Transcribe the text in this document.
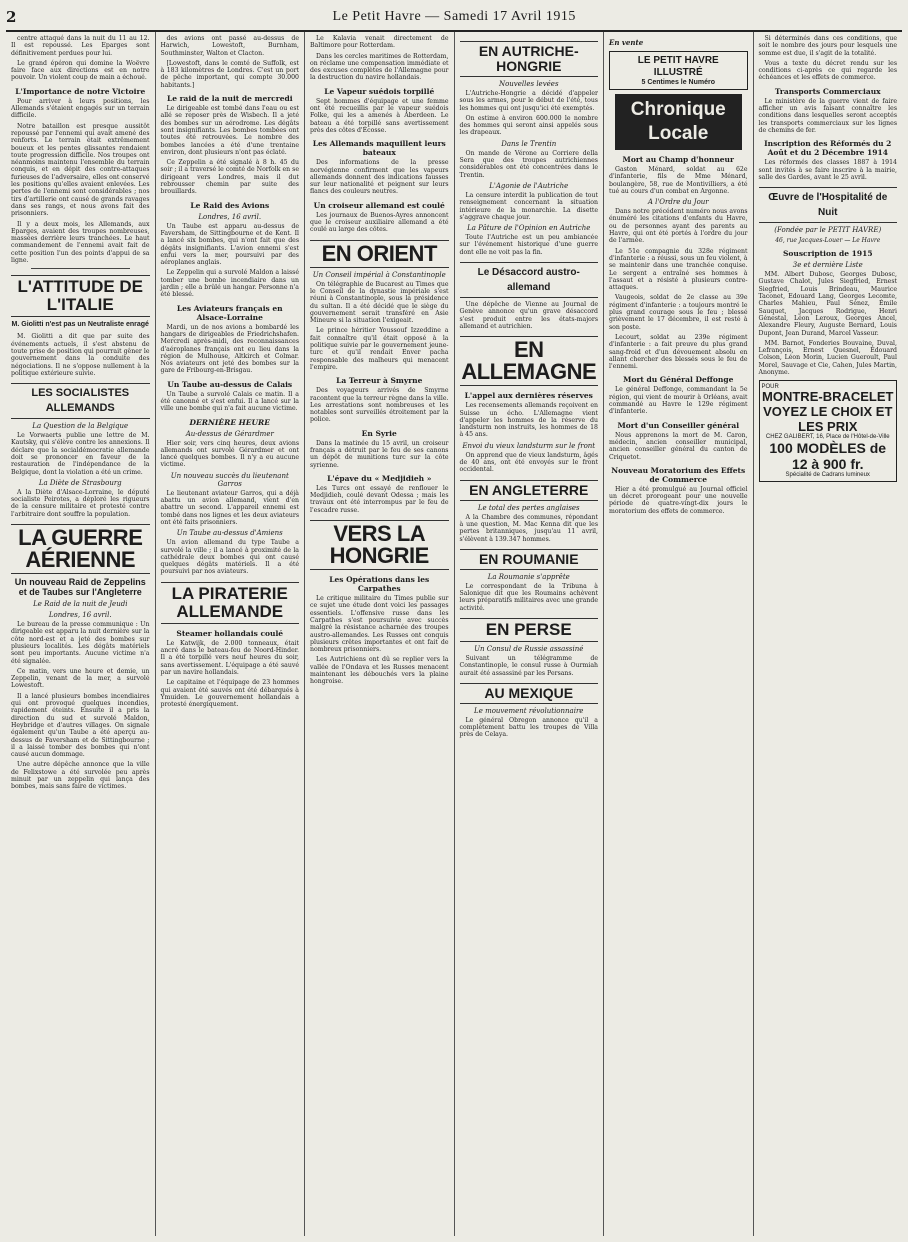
2	Le Petit Havre — Samedi 17 Avril 1915

centre attaqué dans la nuit du 11 au 12. Il est repoussé. Les Eparges sont définitivement perdues pour lui.

Le grand épéron qui domine la Woëvre faire face aux directions est en notre pouvoir. Un violent coup de main a échoué.

L'Importance de notre Victoire

Pour arriver à leurs positions, les Allemands s'étaient engagés sur un terrain difficile.

Notre bataillon est presque aussitôt repoussé par l'ennemi qui avait amené des renforts. Le terrain était extrêmement boueux et les pentes glissantes rendaient toute progression difficile. Nos troupes ont néanmoins maintenu l'ensemble du terrain conquis, et en dépit des contre-attaques furieuses de l'adversaire, elles ont conservé les positions qu'elles avaient enlevées. Les pertes de l'ennemi sont considérables ; nos tirs d'artillerie ont causé de grands ravages dans ses rangs, et nous avons fait des prisonniers.

Il y a deux mois, les Allemands, aux Eparges, avaient des troupes nombreuses, massées derrière leurs tranchées. Le haut commandement de l'ennemi avait fait de cette position l'un des points d'appui de sa ligne.

L'ATTITUDE DE L'ITALIE
M. Giolitti n'est pas un Neutraliste enragé

M. Giolitti a dit que par suite des événements actuels, il s'est abstenu de toute prise de position qui pourrait gêner le gouvernement dans la conduite des négociations. Il ne s'oppose nullement à la politique extérieure suivie.

LES SOCIALISTES ALLEMANDS
La Question de la Belgique

Le Vorwaerts publie une lettre de M. Kautsky, qui s'élève contre les annexions. Il déclare que la socialdémocratie allemande doit se prononcer en faveur de la restauration de l'indépendance de la Belgique, dont la violation a été un crime.

La Diète de Strasbourg

A la Diète d'Alsace-Lorraine, le député socialiste Peirotes, a déploré les rigueurs de la censure militaire et protesté contre l'arbitraire dont souffre la population.

LA GUERRE AÉRIENNE
Un nouveau Raid de Zeppelins et de Taubes sur l'Angleterre
Le Raid de la nuit de Jeudi
Londres, 16 avril.

Le bureau de la presse communique : Un dirigeable est apparu la nuit dernière sur la côte nord-est et a jeté des bombes sur plusieurs localités. Les dégâts matériels sont peu importants. Aucune victime n'a été signalée.

Ce matin, vers une heure et demie, un Zeppelin, venant de la mer, a survolé Lowestoft.

Il a lancé plusieurs bombes incendiaires qui ont provoqué quelques incendies, rapidement éteints. Ensuite il a pris la direction du sud et survolé Maldon, Heybridge et d'autres villages. On signale également qu'un Taube a été aperçu au-dessus de Faversham et de Sittingbourne ; il a laissé tomber des bombes qui n'ont causé aucun dommage.

Une autre dépêche annonce que la ville de Felixstowe a été survolée peu après minuit par un zeppelin qui lança des bombes, mais sans faire de victimes.

des avions ont passé au-dessus de Harwich, Lowestoft, Burnham, Southminster, Walton et Clacton.

[Lowestoft, dans le comté de Suffolk, est à 183 kilomètres de Londres. C'est un port de pêche important, qui compte 30.000 habitants.]

Le raid de la nuit de mercredi

Le dirigeable est tombé dans l'eau ou est allé se reposer près de Wisbech. Il a jeté des bombes sur un aérodrome. Les dégâts sont insignifiants. Les bombes tombées ont toutes été retrouvées. Le nombre des bombes lancées a été d'une trentaine environ, dont plusieurs n'ont pas éclaté.

Ce Zeppelin a été signalé à 8 h. 45 du soir ; il a traversé le comté de Norfolk en se dirigeant vers Londres, mais il dut rebrousser chemin par suite des brouillards.

Le Raid des Avions
Londres, 16 avril.

Un Taube est apparu au-dessus de Faversham, de Sittingbourne et de Kent. Il a lancé six bombes, qui n'ont fait que des dégâts insignifiants. L'avion ennemi s'est enfui vers la mer, poursuivi par des aéroplanes anglais.

Le Zeppelin qui a survolé Maldon a laissé tomber une bombe incendiaire dans un jardin ; elle a brûlé un hangar. Personne n'a été blessé.

Les Aviateurs français en Alsace-Lorraine

Mardi, un de nos avions a bombardé les hangars de dirigeables de Friedrichshafen. Mercredi après-midi, des reconnaissances d'aéroplanes français ont eu lieu dans la région de Mulhouse, Altkirch et Colmar. Nos aviateurs ont jeté des bombes sur la gare de Fribourg-en-Brisgau.

Un Taube au-dessus de Calais

Un Taube a survolé Calais ce matin. Il a été canonné et s'est enfui. Il a lancé sur la ville une bombe qui n'a fait aucune victime.

DERNIÈRE HEURE
Au-dessus de Gérardmer

Hier soir, vers cinq heures, deux avions allemands ont survolé Gérardmer et ont lancé quelques bombes. Il n'y a eu aucune victime.

Un nouveau succès du lieutenant Garros

Le lieutenant aviateur Garros, qui a déjà abattu un avion allemand, vient d'en abattre un second. L'appareil ennemi est tombé dans nos lignes et les deux aviateurs ont été faits prisonniers.

Un Taube au-dessus d'Amiens

Un avion allemand du type Taube a survolé la ville ; il a lancé à proximité de la cathédrale deux bombes qui ont causé quelques dégâts matériels. Il a été poursuivi par nos aviateurs.

LA PIRATERIE ALLEMANDE
Steamer hollandais coulé

Le Katwijk, de 2.000 tonneaux, était ancré dans le bateau-feu de Noord-Hinder. Il a été torpillé vers neuf heures du soir, sans avertissement. L'équipage a été sauvé par un navire hollandais.

Le capitaine et l'équipage de 23 hommes qui avaient été sauvés ont été débarqués à Ymuiden. Le gouvernement hollandais a protesté énergiquement.

Le Kalavia venait directement de Baltimore pour Rotterdam.

Dans les cercles maritimes de Rotterdam, on réclame une compensation immédiate et des excuses complètes de l'Allemagne pour la destruction du navire hollandais.

Le Vapeur suédois torpillé

Sept hommes d'équipage et une femme ont été recueillis par le vapeur suédois Folke, qui les a amenés à Aberdeen. Le bateau a été torpillé sans avertissement près des côtes d'Écosse.

Les Allemands maquillent leurs bateaux

Des informations de la presse norvégienne confirment que les vapeurs allemands donnent des indications fausses sur leur nationalité et peignent sur leurs flancs des couleurs neutres.

Un croiseur allemand est coulé

Les journaux de Buenos-Ayres annoncent que le croiseur auxiliaire allemand a été coulé au large des côtes.

EN ORIENT
Un Conseil impérial à Constantinople

On télégraphie de Bucarest au Times que le Conseil de la dynastie impériale s'est réuni à Constantinople, sous la présidence du sultan. Il a été décidé que le siège du gouvernement serait transféré en Asie Mineure si la situation l'exigeait.

Le prince héritier Youssouf Izzeddine a fait connaître qu'il était opposé à la politique suivie par le gouvernement jeune-turc et qu'il rendait Enver pacha responsable des malheurs qui menacent l'empire.

La Terreur à Smyrne

Des voyageurs arrivés de Smyrne racontent que la terreur règne dans la ville. Les arrestations sont nombreuses et les notables sont surveillés étroitement par la police.

En Syrie

Dans la matinée du 15 avril, un croiseur français a détruit par le feu de ses canons un dépôt de munitions turc sur la côte syrienne.

L'épave du « Medjidieh »

Les Turcs ont essayé de renflouer le Medjidieh, coulé devant Odessa ; mais les travaux ont été interrompus par le feu de l'escadre russe.

VERS LA HONGRIE
Les Opérations dans les Carpathes

Le critique militaire du Times publie sur ce sujet une étude dont voici les passages essentiels. L'offensive russe dans les Carpathes s'est poursuivie avec succès malgré la résistance acharnée des troupes austro-allemandes. Les Russes ont conquis plusieurs crêtes importantes et ont fait de nombreux prisonniers.

Les Autrichiens ont dû se replier vers la vallée de l'Ondava et les Russes menacent maintenant les débouchés vers la plaine hongroise.

EN AUTRICHE-HONGRIE
Nouvelles levées

L'Autriche-Hongrie a décidé d'appeler sous les armes, pour le début de l'été, tous les hommes qui ont jusqu'ici été exemptés.

On estime à environ 600.000 le nombre des hommes qui seront ainsi appelés sous les drapeaux.

Dans le Trentin

On mande de Vérone au Corriere della Sera que des troupes autrichiennes considérables ont été concentrées dans le Trentin.

L'Agonie de l'Autriche

La censure interdit la publication de tout renseignement concernant la situation intérieure de la monarchie. La disette s'aggrave chaque jour.

La Pâture de l'Opinion en Autriche

Toute l'Autriche est un peu ambiancée sur l'événement historique d'une guerre dont elle ne voit pas la fin.

Le Désaccord austro-allemand

Une dépêche de Vienne au Journal de Genève annonce qu'un grave désaccord s'est produit entre les états-majors allemand et autrichien.

EN ALLEMAGNE
L'appel aux dernières réserves

Les recensements allemands reçoivent en Suisse un écho. L'Allemagne vient d'appeler les hommes de la réserve du landsturm non instruits, les hommes de 18 à 45 ans.

Envoi du vieux landsturm sur le front

On apprend que de vieux landsturm, âgés de 40 ans, ont été envoyés sur le front occidental.

EN ANGLETERRE
Le total des pertes anglaises

A la Chambre des communes, répondant à une question, M. Mac Kenna dit que les pertes britanniques, jusqu'au 11 avril, s'élèvent à 139.347 hommes.

EN ROUMANIE
La Roumanie s'apprête

Le correspondant de la Tribuna à Salonique dit que les Roumains achèvent leurs préparatifs militaires avec une grande activité.

EN PERSE
Un Consul de Russie assassiné

Suivant un télégramme de Constantinople, le consul russe à Ourmiah aurait été assassiné par les Persans.

AU MEXIQUE
Le mouvement révolutionnaire

Le général Obregon annonce qu'il a complètement battu les troupes de Villa près de Celaya.

En vente
LE PETIT HAVRE ILLUSTRÉ
5 Centimes le Numéro
Chronique Locale
Mort au Champ d'honneur

Gaston Ménard, soldat au 62e d'infanterie, fils de Mme Ménard, boulangère, 58, rue de Montivilliers, a été tué au cours d'un combat en Argonne.

A l'Ordre du Jour

Dans notre précédent numéro nous avons énuméré les citations d'enfants du Havre, ou de personnes ayant des parents au Havre, qui ont été portés à l'ordre du jour de l'armée.

Le 51e compagnie du 328e régiment d'infanterie : a réussi, sous un feu violent, à se maintenir dans une tranchée conquise. Le sergent a entraîné ses hommes à l'assaut et a résisté à plusieurs contre-attaques.

Vaugeois, soldat de 2e classe au 39e régiment d'infanterie : a toujours montré le plus grand courage sous le feu ; blessé grièvement le 17 décembre, il est resté à son poste.

Lecourt, soldat au 239e régiment d'infanterie : a fait preuve du plus grand sang-froid et d'un dévouement absolu en allant chercher des blessés sous le feu de l'ennemi.

Mort du Général Deffonge

Le général Deffonge, commandant la 5e région, qui vient de mourir à Orléans, avait commandé au Havre le 129e régiment d'infanterie.

Mort d'un Conseiller général

Nous apprenons la mort de M. Caron, médecin, ancien conseiller municipal, ancien conseiller général du canton de Criquetot.

Nouveau Moratorium des Effets de Commerce

Hier a été promulgué au Journal officiel un décret prorogeant pour une nouvelle période de quatre-vingt-dix jours le moratorium des effets de commerce.

Si déterminés dans ces conditions, que soit le nombre des jours pour lesquels une somme est due, il s'agit de la totalité.

Vous a texte du décret rendu sur les conditions ci-après ce qui regarde les échéances et les effets de commerce.

Transports Commerciaux

Le ministère de la guerre vient de faire afficher un avis faisant connaître les conditions dans lesquelles seront acceptés les transports commerciaux sur les lignes de chemins de fer.

Inscription des Réformés du 2 Août et du 2 Décembre 1914

Les réformés des classes 1887 à 1914 sont invités à se faire inscrire à la mairie, salle des Gardes, avant le 25 avril.

Œuvre de l'Hospitalité de Nuit
(Fondée par le PETIT HAVRE)
46, rue Jacques-Louer — Le Havre
Souscription de 1915
3e et dernière Liste

MM. Albert Dubosc, Georges Dubosc, Gustave Chalot, Jules Siegfried, Ernest Siegfried, Louis Brindeau, Maurice Taconet, Edouard Lang, Georges Lecomte, Charles Mahieu, Paul Sénez, Émile Sauquet, Jacques Rodrigue, Henri Génestal, Léon Leroux, Georges Ancel, Alexandre Fleury, Auguste Bernard, Louis Dupont, Jean Durand, Marcel Vasseur.

MM. Barnot, Fonderies Bouvaine, Duval, Lefrançois, Ernest Quesnel, Édouard Colson, Léon Morin, Lucien Gueroult, Paul Morel, Sauvage et Cie, Cahen, Jules Martin, Anonyme.

POUR
MONTRE-BRACELET
VOYEZ LE CHOIX ET LES PRIX
CHEZ GALIBERT, 16, Place de l'Hôtel-de-Ville
100 MODÈLES de 12 à 900 fr.
Spécialité de Cadrans lumineux
